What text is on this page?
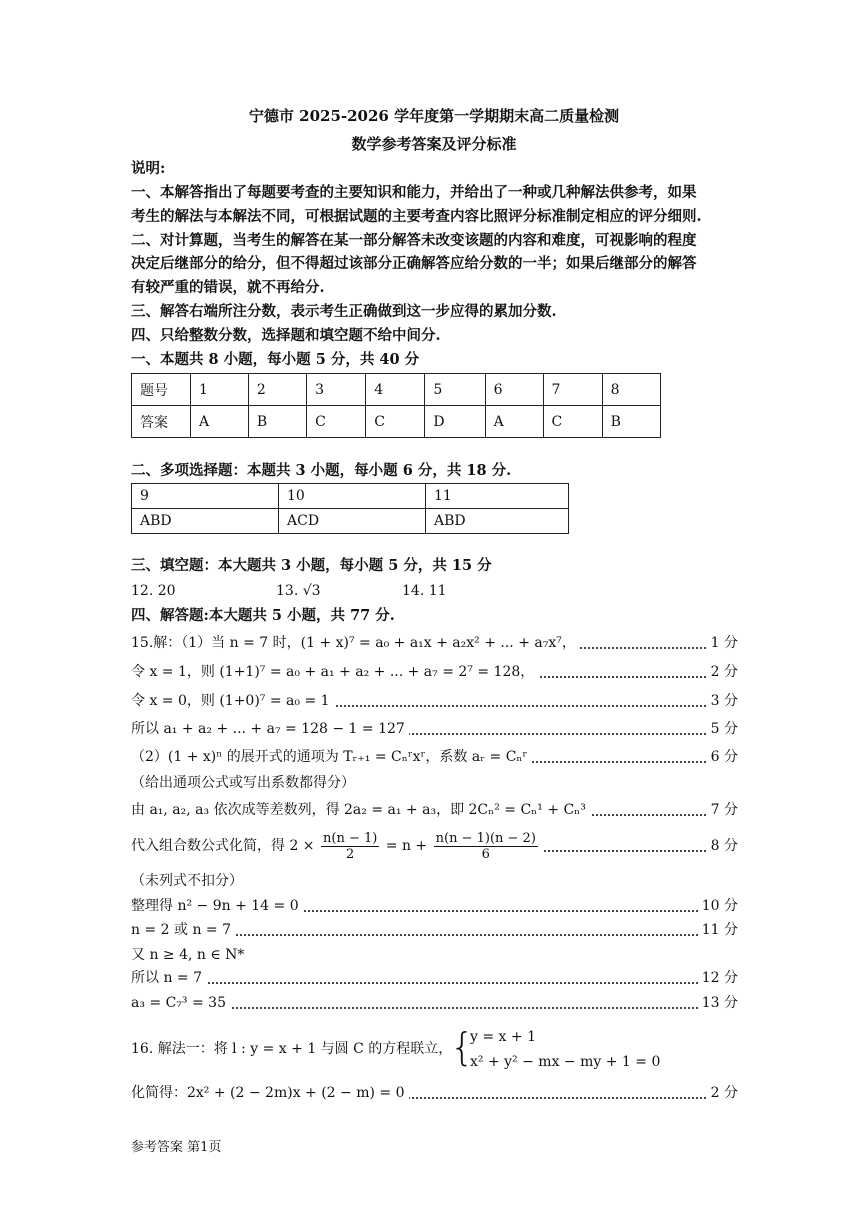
宁德市 2025-2026 学年度第一学期期末高二质量检测
数学参考答案及评分标准
说明:
一、本解答指出了每题要考查的主要知识和能力，并给出了一种或几种解法供参考，如果
考生的解法与本解法不同，可根据试题的主要考查内容比照评分标准制定相应的评分细则.
二、对计算题，当考生的解答在某一部分解答未改变该题的内容和难度，可视影响的程度
决定后继部分的给分，但不得超过该部分正确解答应给分数的一半；如果后继部分的解答
有较严重的错误，就不再给分.
三、解答右端所注分数，表示考生正确做到这一步应得的累加分数.
四、只给整数分数，选择题和填空题不给中间分.
一、本题共 8 小题，每小题 5 分，共 40 分
题号	1	2	3	4	5	6	7	8
答案	A	B	C	C	D	A	C	B
二、多项选择题：本题共 3 小题，每小题 6 分，共 18 分.
9	10	11
ABD	ACD	ABD
三、填空题：本大题共 3 小题，每小题 5 分，共 15 分
12. 20	13. √3	14. 11
四、解答题:本大题共 5 小题，共 77 分.
15.解：（1）当 n = 7 时，(1 + x)⁷ = a₀ + a₁x + a₂x² + ... + a₇x⁷，	1 分
令 x = 1，则 (1+1)⁷ = a₀ + a₁ + a₂ + ... + a₇ = 2⁷ = 128，	2 分
令 x = 0，则 (1+0)⁷ = a₀ = 1	3 分
所以 a₁ + a₂ + ... + a₇ = 128 − 1 = 127	5 分
（2）(1 + x)ⁿ 的展开式的通项为 Tᵣ₊₁ = Cₙʳxʳ，系数 aᵣ = Cₙʳ	6 分
（给出通项公式或写出系数都得分）
由 a₁, a₂, a₃ 依次成等差数列，得 2a₂ = a₁ + a₃，即 2Cₙ² = Cₙ¹ + Cₙ³	7 分
代入组合数公式化简，得 $2 \times \frac{n(n - 1)}{2} = n + \frac{n(n - 1)(n - 2)}{6}$	8 分
（未列式不扣分）
整理得 n² − 9n + 14 = 0	10 分
n = 2 或 n = 7	11 分
又 n ≥ 4, n ∈ N*
所以 n = 7	12 分
a₃ = C₇³ = 35	13 分
16. 解法一：将 l : y = x + 1 与圆 C 的方程联立，
{
y = x + 1
x² + y² − mx − my + 1 = 0
化简得：2x² + (2 − 2m)x + (2 − m) = 0	2 分
参考答案 第1页
